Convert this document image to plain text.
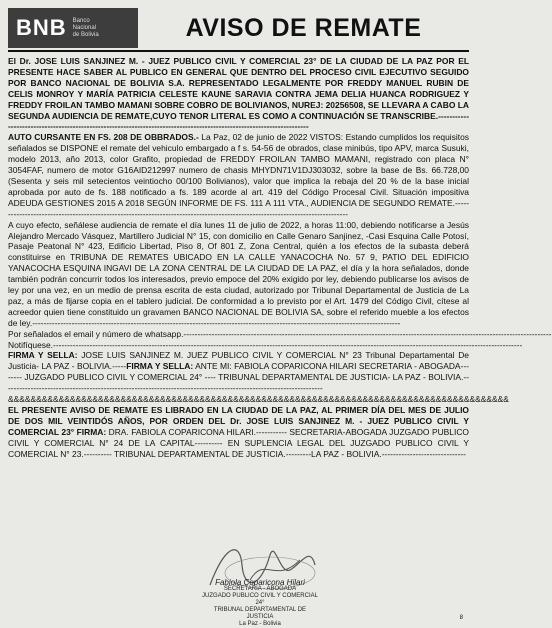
BNB Banco
Nacional
de Bolivia	AVISO DE REMATE

El Dr. JOSE LUIS SANJINEZ M. - JUEZ PUBLICO CIVIL Y COMERCIAL 23° DE LA CIUDAD DE LA PAZ POR EL PRESENTE HACE SABER AL PUBLICO EN GENERAL QUE DENTRO DEL PROCESO CIVIL EJECUTIVO SEGUIDO POR BANCO NACIONAL DE BOLIVIA S.A. REPRESENTADO LEGALMENTE POR FREDDY MANUEL RUBIN DE CELIS MONROY Y MARÍA PATRICIA CELESTE KAUNE SARAVIA CONTRA JEMA DELIA HUANCA RODRIGUEZ Y FREDDY FROILAN TAMBO MAMANI SOBRE COBRO DE BOLIVIANOS, NUREJ: 20256508, SE LLEVARA A CABO LA SEGUNDA AUDIENCIA DE REMATE,CUYO TENOR LITERAL ES COMO A CONTINUACIÓN SE TRANSCRIBE.----------------------------------------------------------------------------------------------------------------------

AUTO CURSANTE EN FS. 208 DE OBBRADOS.- La Paz, 02 de junio de 2022 VISTOS: Estando cumplidos los requisitos señalados se DISPONE el remate del vehiculo embargado a f s. 54-56 de obrados, clase minibús, tipo APV, marca Susuki, modelo 2013, año 2013, color Grafito, propiedad de FREDDY FROILAN TAMBO MAMANI, registrado con placa N° 3054FAF, numero de motor G16AID212997 numero de chasis MHYDN71V1DJ303032, sobre la base de Bs. 66.728,00 (Sesenta y seis mil setecientos veintiocho 00/100 Bolivianos), valor que implica la rebaja del 20 % de la base inicial aprobada por auto de fs. 188 notificado a fs. 189 acorde al art. 419 del Código Procesal Civil. Situación impositiva ADEUDA GESTIONES 2015 A 2018 SEGÚN INFORME DE FS. 111 A 111 VTA., AUDIENCIA DE SEGUNDO REMATE.------------------------------------------------------------------------------------------------------------------------------

A cuyo efecto, señálese audiencia de remate el día lunes 11 de julio de 2022, a horas 11:00, debiendo notificarse a Jesús Alejandro Mercado Vásquez, Martillero Judicial N° 15, con domicilio en Calle Genaro Sanjinez, -Casi Esquina Calle Potosí, Pasaje Peatonal N° 423, Edificio Libertad, Piso 8, Of 801 Z, Zona Central, quién a los efectos de la subasta deberá constituirse en TRIBUNA DE REMATES UBICADO EN LA CALLE YANACOCHA No. 57 9, PATIO DEL EDIFICIO YANACOCHA ESQUINA INGAVI DE LA ZONA CENTRAL DE LA CIUDAD DE LA PAZ, el día y la hora señalados, donde también podrán concurrir todos los interesados, previo empoce del 20% exigido por ley, debiendo publicarse los avisos de ley por una vez, en un medio de prensa escrita de esta ciudad, autorizado por Tribunal Departamental de Justicia de La paz, a más de fijarse copia en el tablero judicial. De conformidad a lo previsto por el Art. 1479 del Código Civil, cítese al acreedor quien tiene constituido un gravamen BANCO NACIONAL DE BOLIVIA SA, sobre el referido mueble a los efectos de ley.-----------------------------------------------------------------------------------------------------------------------------------

Por señalados el email y número de whatsapp.-----------------------------------------------------------------------------------------------------------------------------------

Notifíquese.-----------------------------------------------------------------------------------------------------------------------------------------------------------------------

FIRMA Y SELLA: JOSE LUIS SANJINEZ M. JUEZ PUBLICO CIVIL Y COMERCIAL N° 23 Tribunal Departamental De Justicia- LA PAZ - BOLIVIA.-----FIRMA Y SELLA: ANTE MI: FABIOLA COPARICONA HILARI SECRETARIA - ABOGADA-------- JUZGADO PUBLICO CIVIL Y COMERCIAL 24° ---- TRIBUNAL DEPARTAMENTAL DE JUSTICIA- LA PAZ - BOLIVIA.------------------------------------------------------------------------------------------------------------------

&&&&&&&&&&&&&&&&&&&&&&&&&&&&&&&&&&&&&&&&&&&&&&&&&&&&&&&&&&&&&&&&&&&&&&&&&&&&&&&&&&&&&&&&&

EL PRESENTE AVISO DE REMATE ES LIBRADO EN LA CIUDAD DE LA PAZ, AL PRIMER DÍA DEL MES DE JULIO DE DOS MIL VEINTIDÓS AÑOS, POR ORDEN DEL Dr. JOSE LUIS SANJINEZ M. - JUEZ PUBLICO CIVIL Y COMERCIAL 23° FIRMA: DRA. FABIOLA COPARICONA HILARI.----------- SECRETARIA-ABOGADA JUZGADO PUBLICO CIVIL Y COMERCIAL N° 24 DE LA CAPITAL---------- EN SUPLENCIA LEGAL DEL JUZGADO PUBLICO CIVIL Y COMERCIAL N° 23.---------- TRIBUNAL DEPARTAMENTAL DE JUSTICIA.---------LA PAZ - BOLIVIA.------------------------------

Fabiola Coparicona Hilari
SECRETARIA - ABOGADA
JUZGADO PUBLICO CIVIL Y COMERCIAL 24°
TRIBUNAL DEPARTAMENTAL DE JUSTICIA
La Paz - Bolivia
8
